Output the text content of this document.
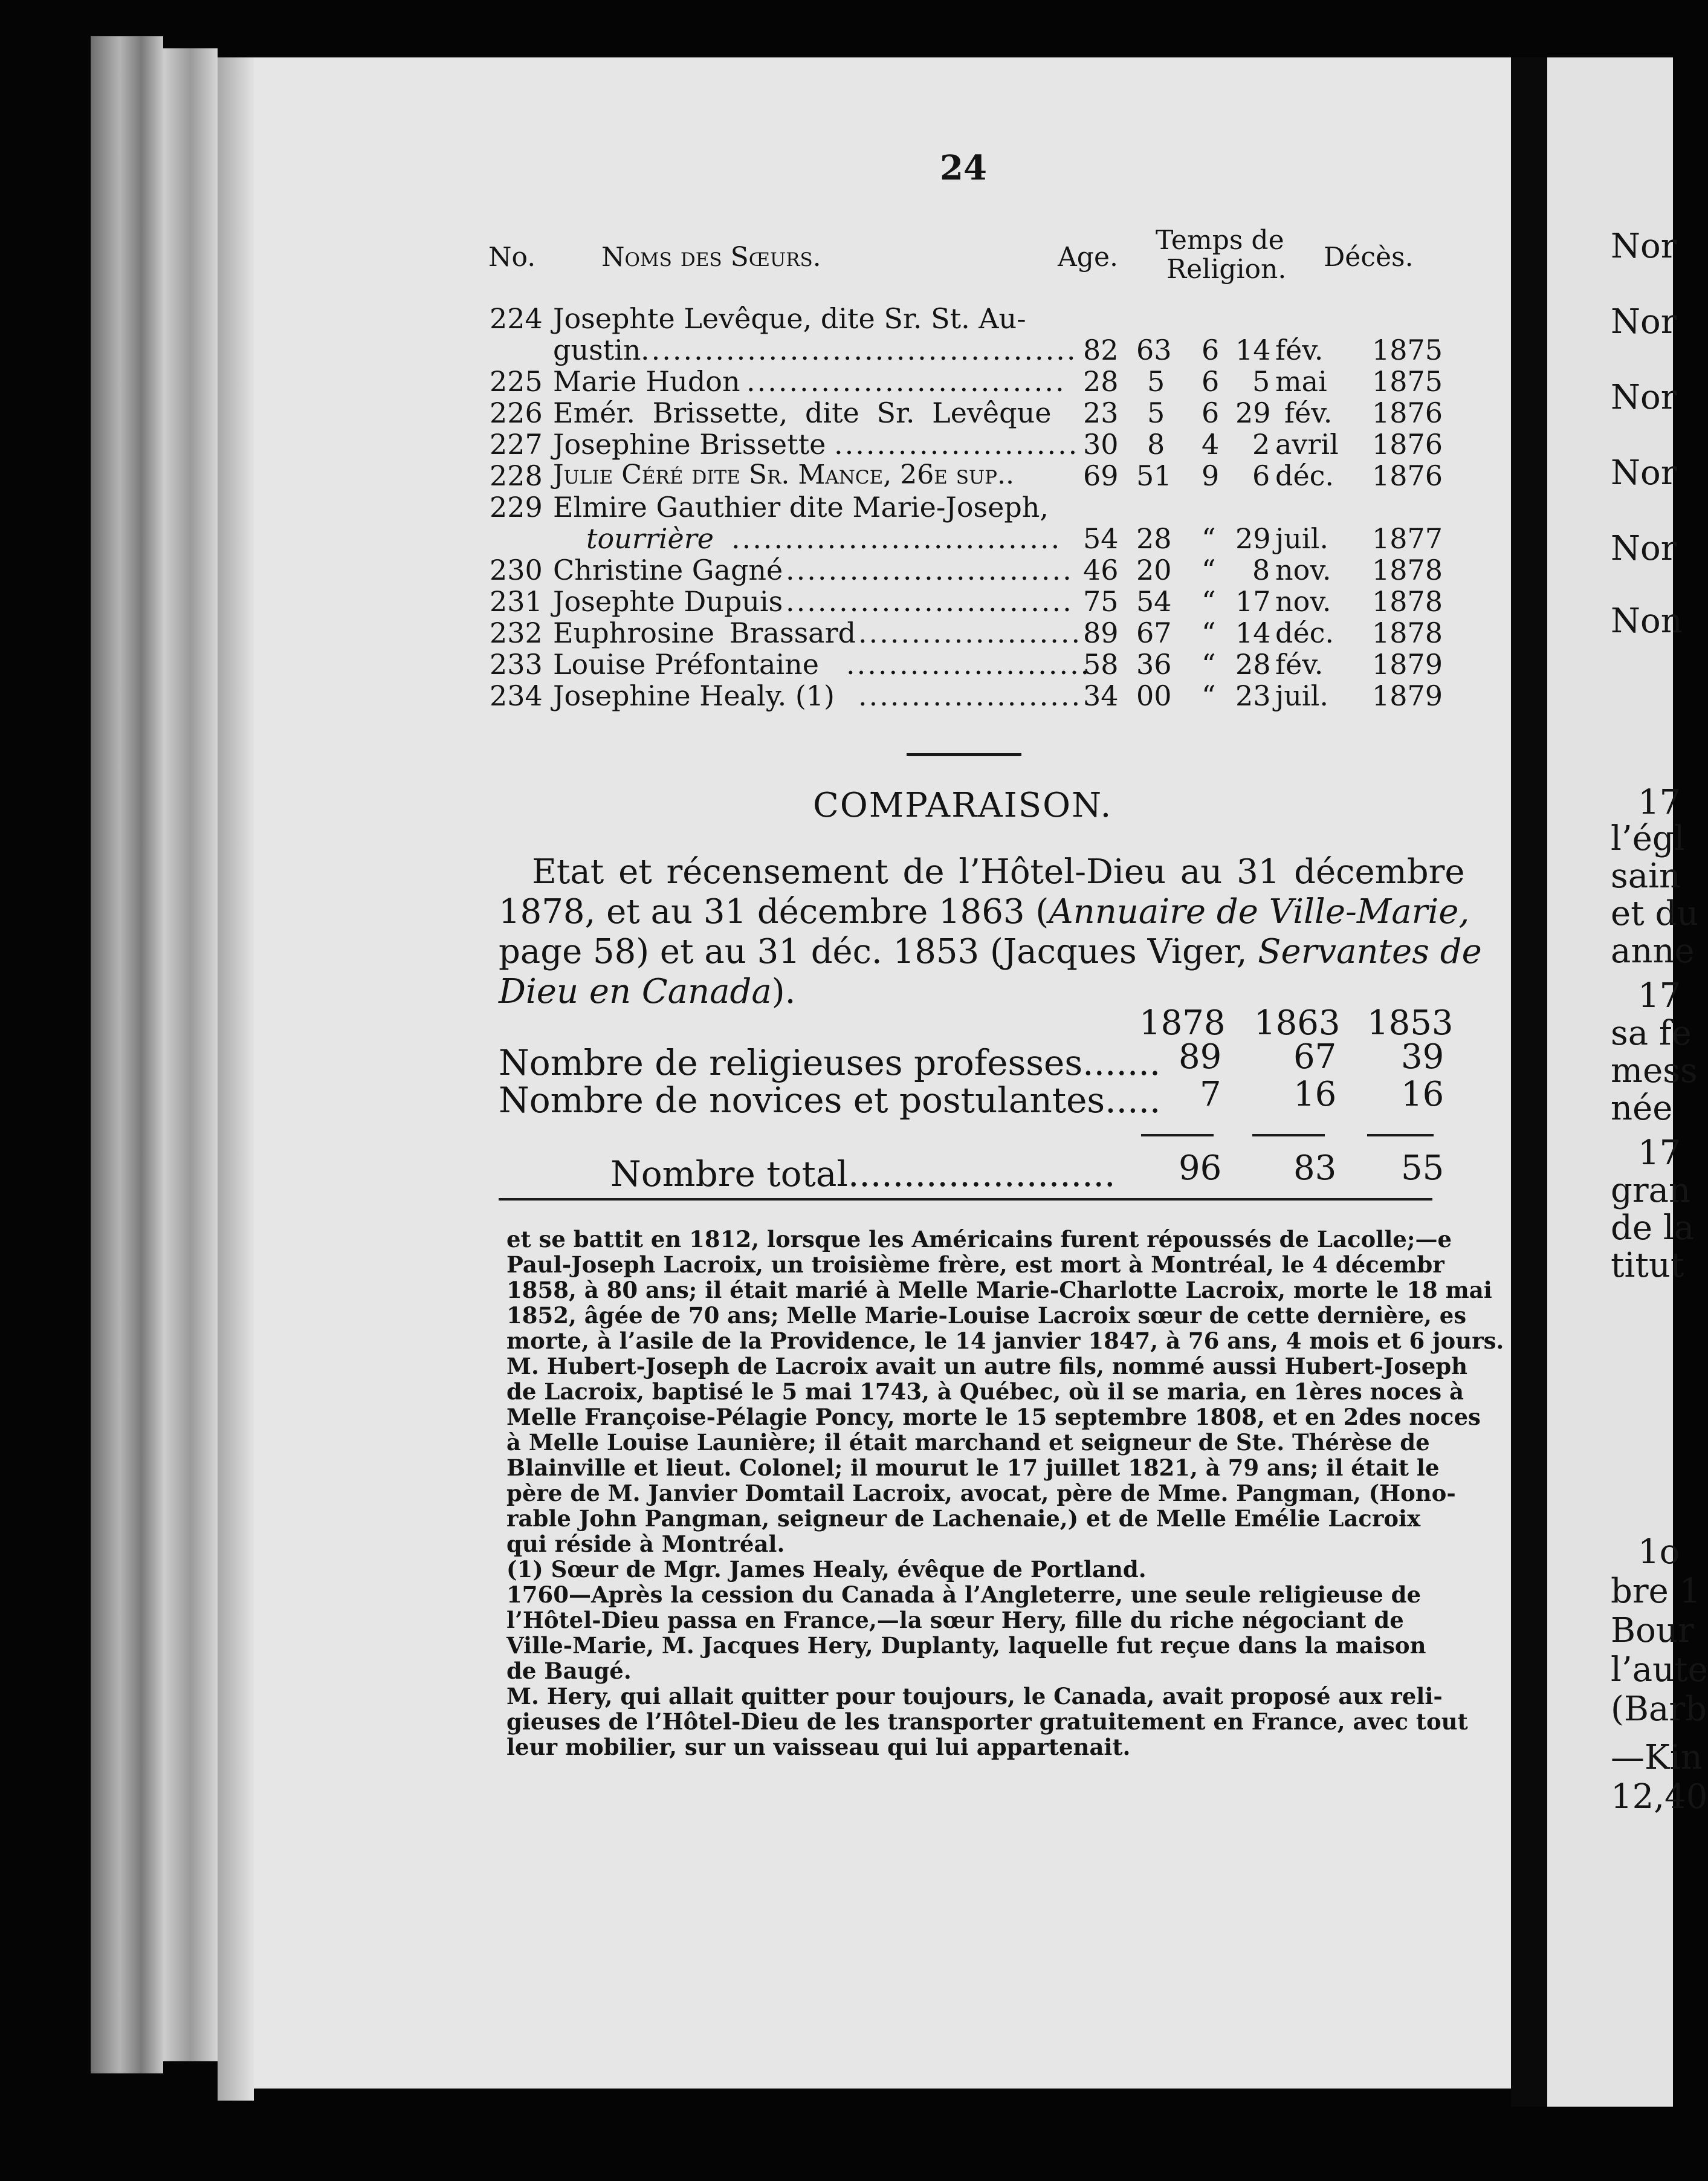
24
No. Noms des Sœurs.	Age.
Temps de
Religion. Décès.
224 Josephte Levêque, dite Sr. St. Au-
gustin ......................................... 82 63 6 14 fév. 1875
225 Marie Hudon .............................. 28 5 6 5 mai 1875
226 Emér. Brissette, dite Sr. Levêque 23 5 6 29 fév. 1876
227 Josephine Brissette ....................... 30 8 4 2 avril 1876
228 Julie Céré dite Sr. Mance, 26e sup.. 69 51 9 6 déc. 1876
229 Elmire Gauthier dite Marie-Joseph,
tourrière ............................... 54 28 “ 29 juil. 1877
230 Christine Gagné ........................... 46 20 “ 8 nov. 1878
231 Josephte Dupuis ........................... 75 54 “ 17 nov. 1878
232 Euphrosine Brassard ..................... 89 67 “ 14 déc. 1878
233 Louise Préfontaine .......................
58 36 “ 28 fév. 1879
234 Josephine Healy. (1) ..................... 34 00 “ 23 juil. 1879
COMPARAISON.
Etat et récensement de l’Hôtel-Dieu au 31 décembre
1878, et au 31 décembre 1863 (Annuaire de Ville-Marie,
page 58) et au 31 déc. 1853 (Jacques Viger, Servantes de
Dieu en Canada).
1878 1863 1853
Nombre de religieuses professes....... 89 67 39
Nombre de novices et postulantes..... 7 16 16
Nombre total........................ 96 83 55
et se battit en 1812, lorsque les Américains furent répoussés de Lacolle;—e
Paul-Joseph Lacroix, un troisième frère, est mort à Montréal, le 4 décembr
1858, à 80 ans; il était marié à Melle Marie-Charlotte Lacroix, morte le 18 mai
1852, âgée de 70 ans; Melle Marie-Louise Lacroix sœur de cette dernière, es
morte, à l’asile de la Providence, le 14 janvier 1847, à 76 ans, 4 mois et 6 jours.
M. Hubert-Joseph de Lacroix avait un autre fils, nommé aussi Hubert-Joseph
de Lacroix, baptisé le 5 mai 1743, à Québec, où il se maria, en 1ères noces à
Melle Françoise-Pélagie Poncy, morte le 15 septembre 1808, et en 2des noces
à Melle Louise Launière; il était marchand et seigneur de Ste. Thérèse de
Blainville et lieut. Colonel; il mourut le 17 juillet 1821, à 79 ans; il était le
père de M. Janvier Domtail Lacroix, avocat, père de Mme. Pangman, (Hono-
rable John Pangman, seigneur de Lachenaie,) et de Melle Emélie Lacroix
qui réside à Montréal.
(1) Sœur de Mgr. James Healy, évêque de Portland.
1760—Après la cession du Canada à l’Angleterre, une seule religieuse de
l’Hôtel-Dieu passa en France,—la sœur Hery, fille du riche négociant de
Ville-Marie, M. Jacques Hery, Duplanty, laquelle fut reçue dans la maison
de Baugé.
M. Hery, qui allait quitter pour toujours, le Canada, avait proposé aux reli-
gieuses de l’Hôtel-Dieu de les transporter gratuitement en France, avec tout
leur mobilier, sur un vaisseau qui lui appartenait.
Nor
Nor
Nor
Nor
Nor
Non
17
l’égl
sain
et du
anne
17
sa fe
mess
née
17
gran
de la
titut
1o
bre 1
Bour
l’aute
(Barb
—Kin
12,40
